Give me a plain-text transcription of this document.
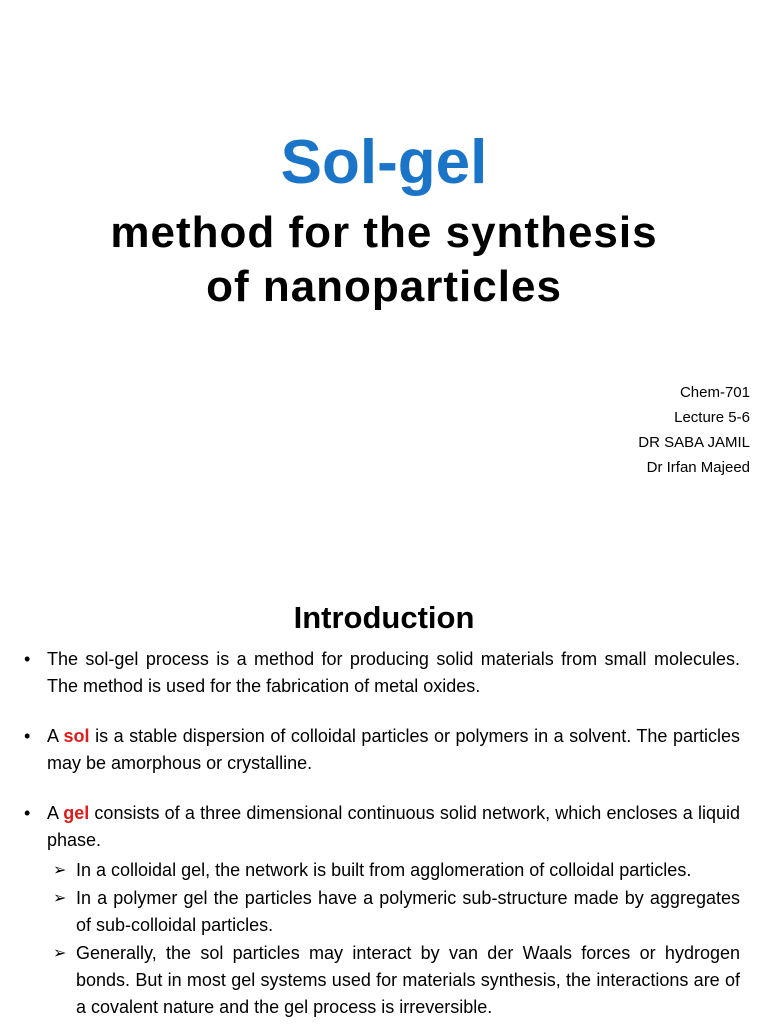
Sol-gel
method for the synthesis
of nanoparticles
Chem-701
Lecture 5-6
DR SABA JAMIL
Dr Irfan Majeed
Introduction
• The sol-gel process is a method for producing solid materials from small molecules. The method is used for the fabrication of metal oxides.
• A sol is a stable dispersion of colloidal particles or polymers in a solvent. The particles may be amorphous or crystalline.
• A gel consists of a three dimensional continuous solid network, which encloses a liquid phase.
➢ In a colloidal gel, the network is built from agglomeration of colloidal particles.
➢ In a polymer gel the particles have a polymeric sub-structure made by aggregates of sub-colloidal particles.
➢ Generally, the sol particles may interact by van der Waals forces or hydrogen bonds. But in most gel systems used for materials synthesis, the interactions are of a covalent nature and the gel process is irreversible.
